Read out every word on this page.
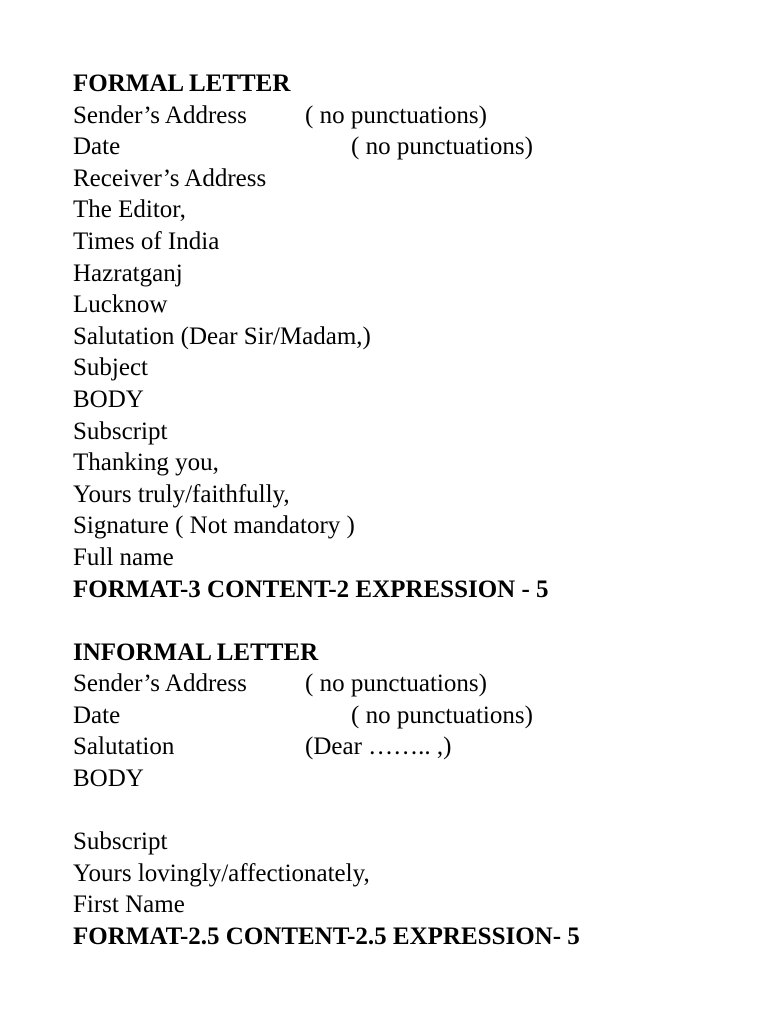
FORMAL LETTER
Sender’s Address ( no punctuations)
Date	( no punctuations)
Receiver’s Address
The Editor,
Times of India
Hazratganj
Lucknow
Salutation (Dear Sir/Madam,)
Subject
BODY
Subscript
Thanking you,
Yours truly/faithfully,
Signature ( Not mandatory )
Full name
FORMAT-3 CONTENT-2 EXPRESSION - 5
INFORMAL LETTER
Sender’s Address ( no punctuations)
Date	( no punctuations)
Salutation	(Dear …….. ,)
BODY
Subscript
Yours lovingly/affectionately,
First Name
FORMAT-2.5 CONTENT-2.5 EXPRESSION- 5
